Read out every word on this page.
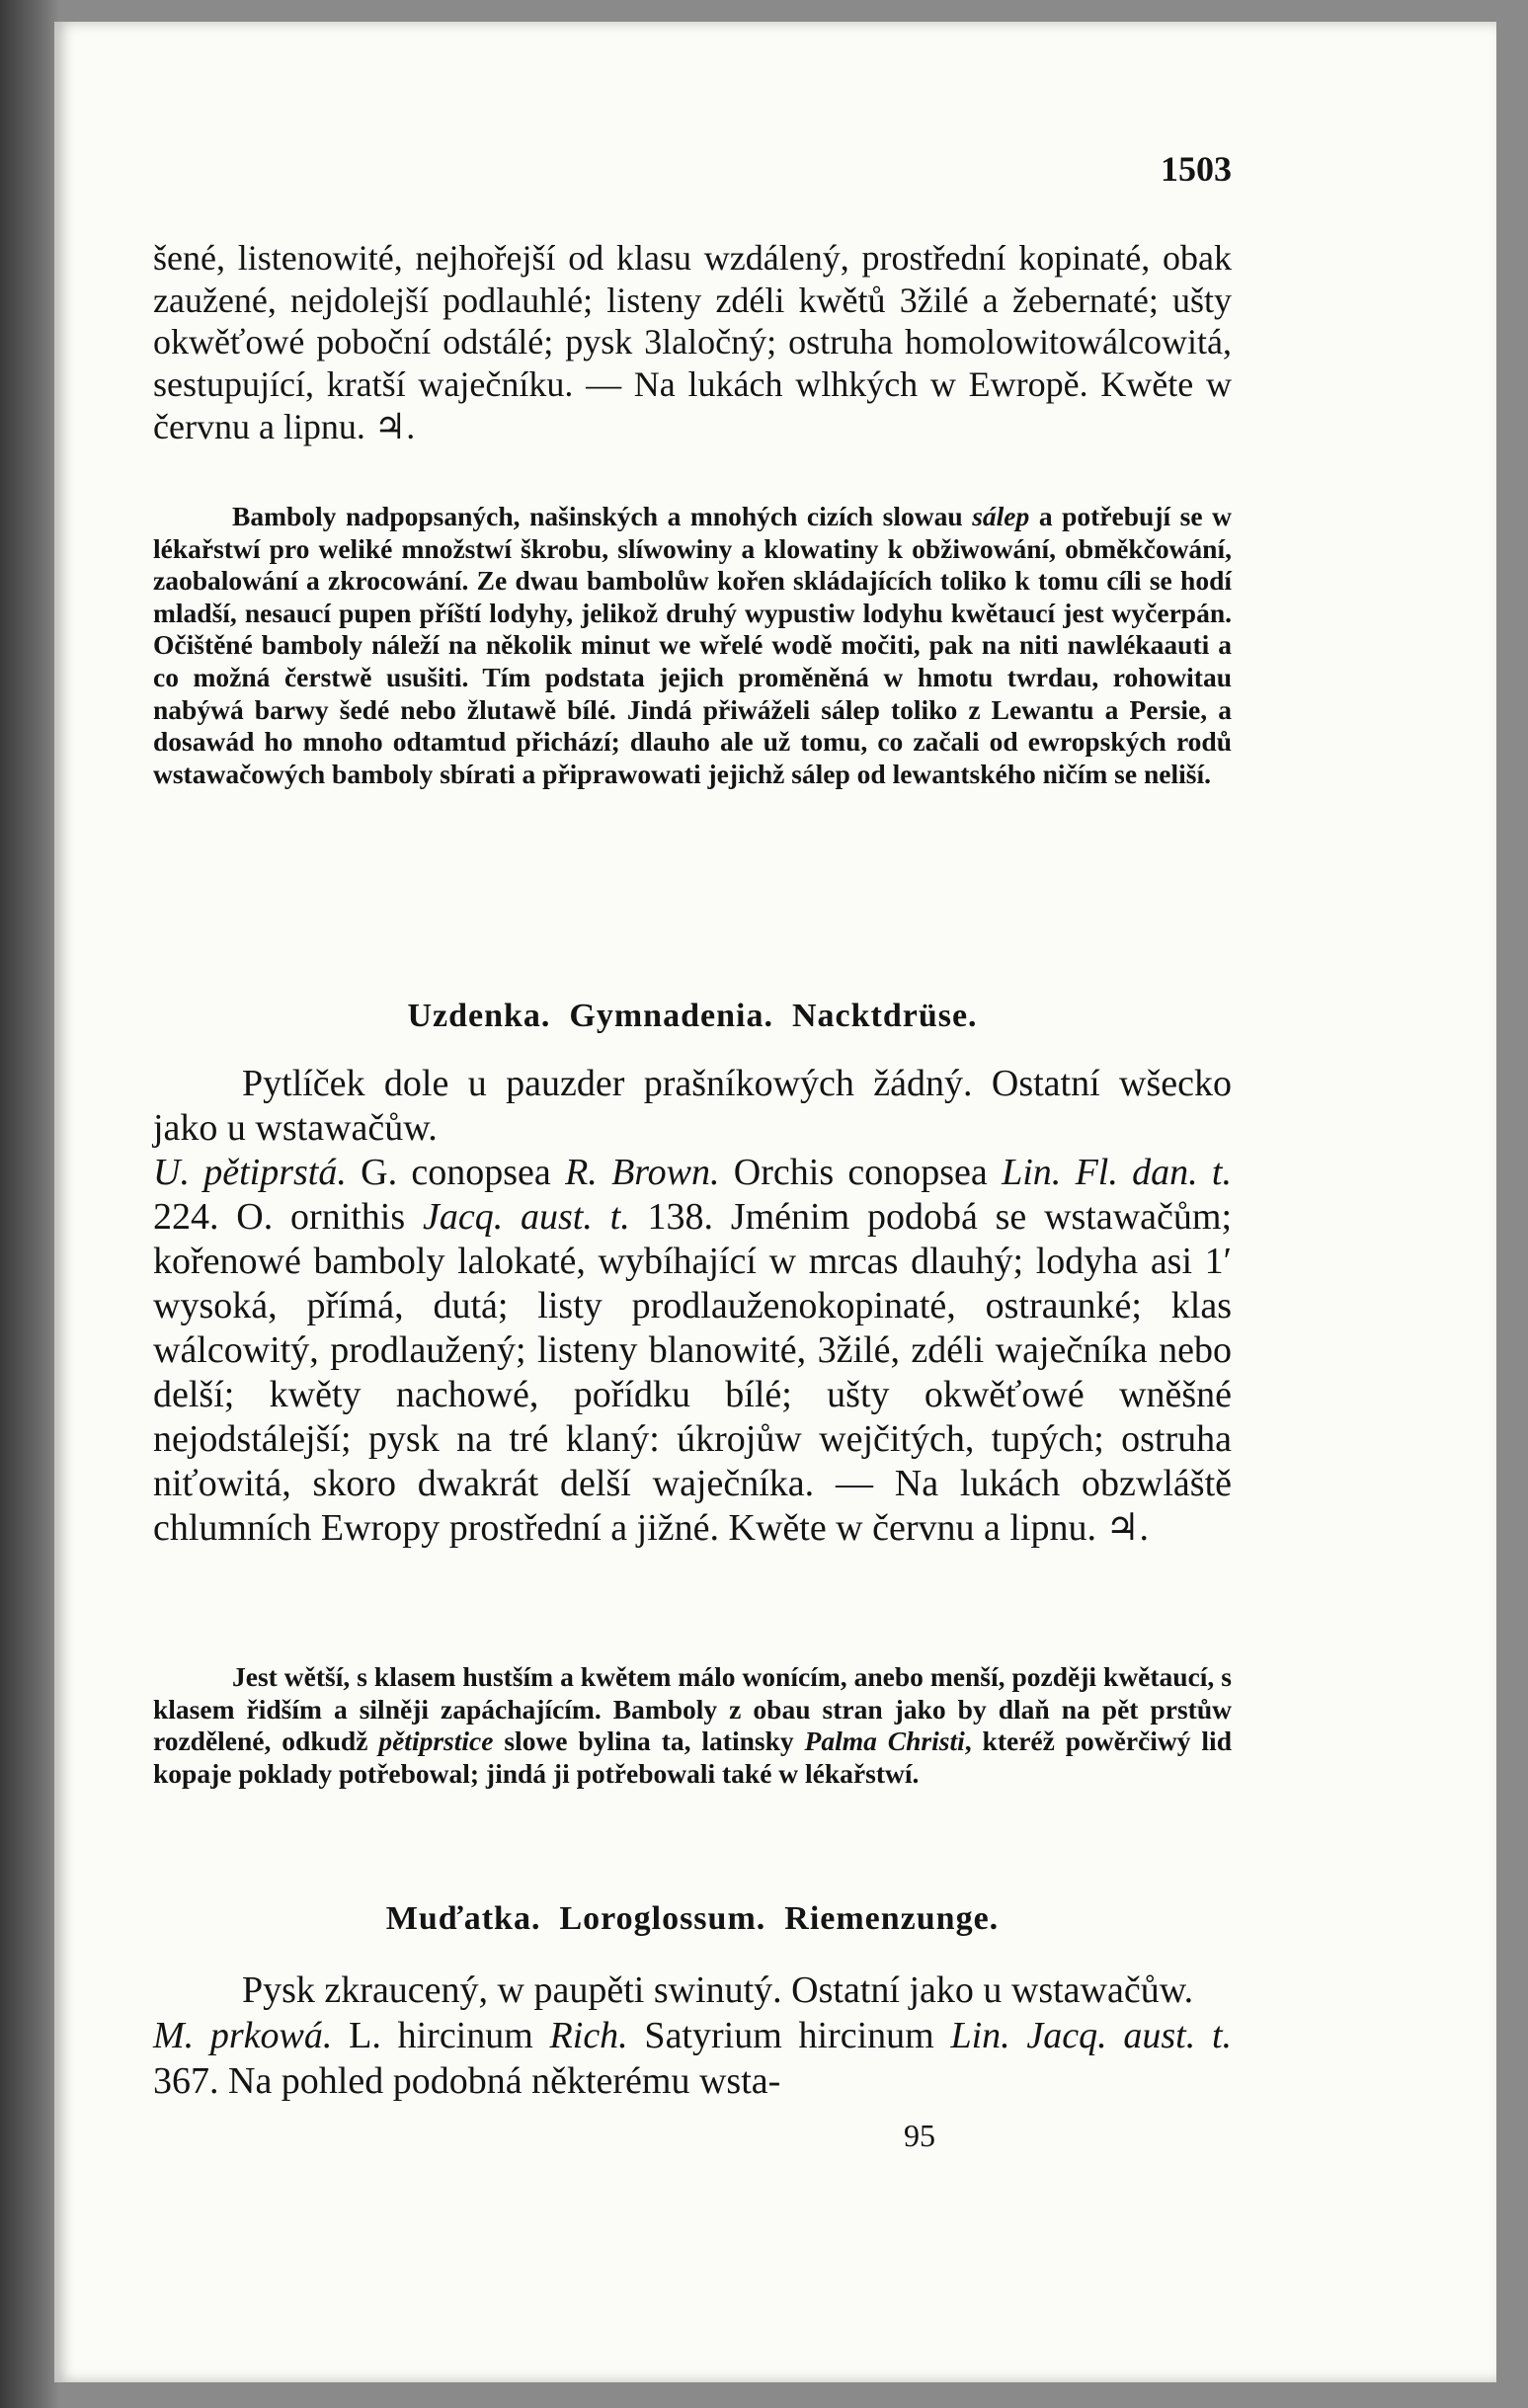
1503
šené, listenowité, nejhořejší od klasu wzdálený, prostřední kopinaté, obak zaužené, nejdolejší podlauhlé; listeny zdéli kwětů 3žilé a žebernaté; ušty okwěťowé poboční odstálé; pysk 3laločný; ostruha homolowitowálcowitá, sestupující, kratší waječníku. — Na lukách wlhkých w Ewropě. Kwěte w červnu a lipnu. ♃.
Bamboly nadpopsaných, našinských a mnohých cizích slowau sálep a potřebují se w lékařstwí pro weliké množstwí škrobu, slíwowiny a klowatiny k obžiwowání, obměkčowání, zaobalowání a zkrocowání. Ze dwau bambolůw kořen skládajících toliko k tomu cíli se hodí mladší, nesaucí pupen příští lodyhy, jelikož druhý wypustiw lodyhu kwětaucí jest wyčerpán. Očištěné bamboly náleží na několik minut we wřelé wodě močiti, pak na niti nawlékaauti a co možná čerstwě usušiti. Tím podstata jejich proměněná w hmotu twrdau, rohowitau nabýwá barwy šedé nebo žlutawě bílé. Jindá přiwáželi sálep toliko z Lewantu a Persie, a dosawád ho mnoho odtamtud přichází; dlauho ale už tomu, co začali od ewropských rodů wstawačowých bamboly sbírati a připrawowati jejichž sálep od lewantského ničím se neliší.
Uzdenka. Gymnadenia. Nacktdrüse.
Pytlíček dole u pauzder prašníkowých žádný. Ostatní wšecko jako u wstawačůw.
U. pětiprstá. G. conopsea R. Brown. Orchis conopsea Lin. Fl. dan. t. 224. O. ornithis Jacq. aust. t. 138. Jménim podobá se wstawačům; kořenowé bamboly lalokaté, wybíhající w mrcas dlauhý; lodyha asi 1′ wysoká, přímá, dutá; listy prodlauženokopinaté, ostraunké; klas wálcowitý, prodlaužený; listeny blanowité, 3žilé, zdéli waječníka nebo delší; kwěty nachowé, pořídku bílé; ušty okwěťowé wněšné nejodstálejší; pysk na tré klaný: úkrojůw wejčitých, tupých; ostruha niťowitá, skoro dwakrát delší waječníka. — Na lukách obzwláště chlumních Ewropy prostřední a jižné. Kwěte w červnu a lipnu. ♃.
Jest wětší, s klasem hustším a kwětem málo wonícím, anebo menší, později kwětaucí, s klasem řidším a silněji zapáchajícím. Bamboly z obau stran jako by dlaň na pět prstůw rozdělené, odkudž pětiprstice slowe bylina ta, latinsky Palma Christi, kteréž powěrčiwý lid kopaje poklady potřebowal; jindá ji potřebowali také w lékařstwí.
Muďatka. Loroglossum. Riemenzunge.
Pysk zkraucený, w paupěti swinutý. Ostatní jako u wstawačůw.
M. prkowá. L. hircinum Rich. Satyrium hircinum Lin. Jacq. aust. t. 367. Na pohled podobná některému wsta-
95
